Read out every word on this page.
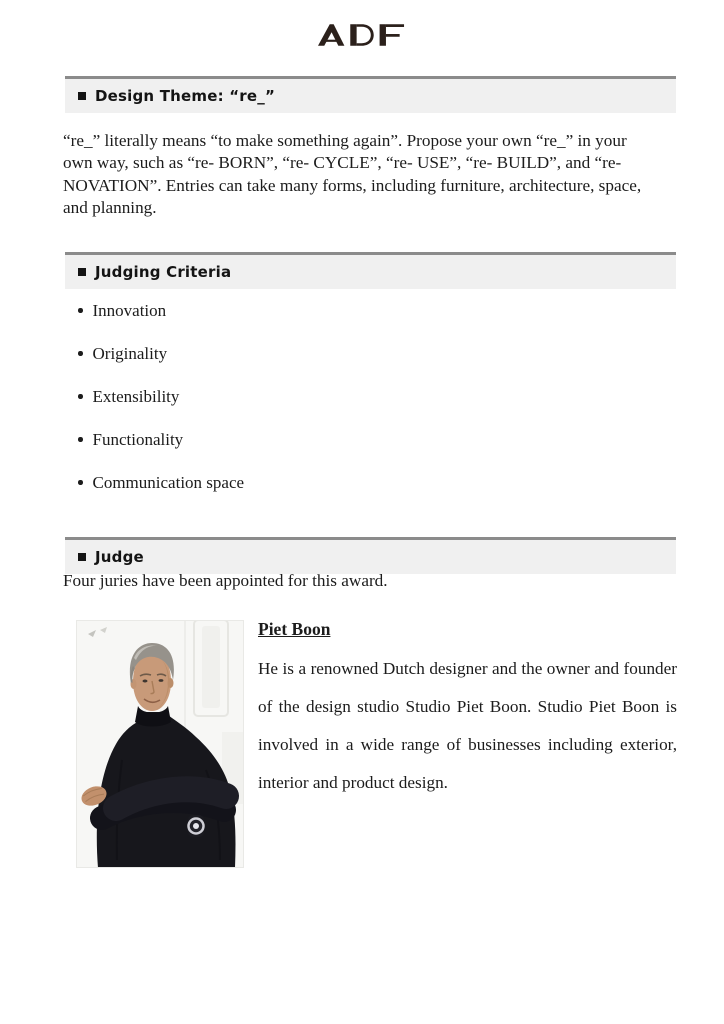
Design Theme: “re_”
“re_” literally means “to make something again”. Propose your own “re_” in your
own way, such as “re- BORN”, “re- CYCLE”, “re- USE”, “re- BUILD”, and “re-
NOVATION”. Entries can take many forms, including furniture, architecture, space,
and planning.
Judging Criteria
Innovation
Originality
Extensibility
Functionality
Communication space
Judge
Four juries have been appointed for this award.
Piet Boon
He is a renowned Dutch designer and the owner and founder
of the design studio Studio Piet Boon. Studio Piet Boon is
involved in a wide range of businesses including exterior,
interior and product design.
